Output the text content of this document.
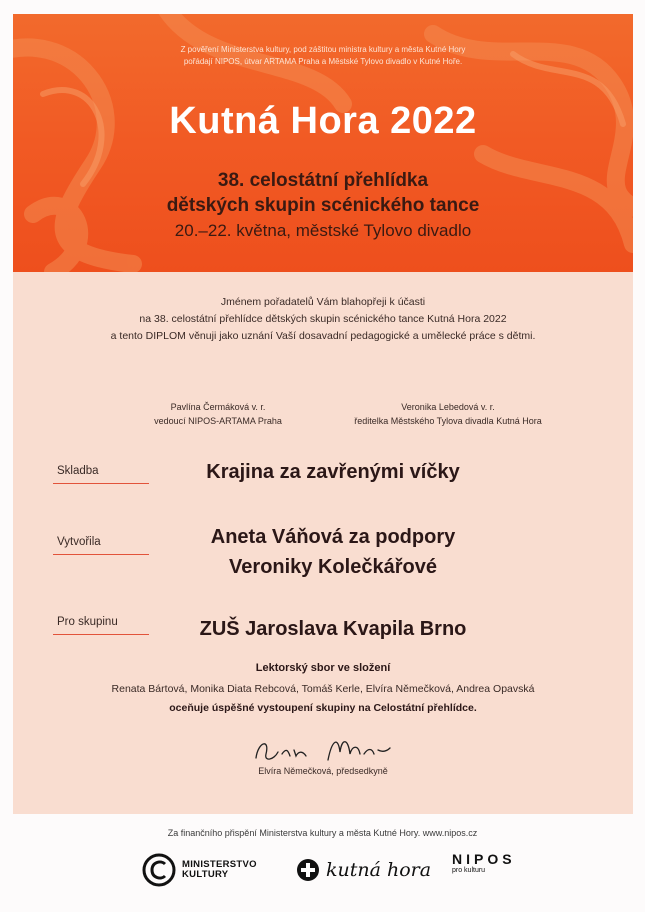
Z pověření Ministerstva kultury, pod záštitou ministra kultury a města Kutné Hory
pořádají NIPOS, útvar ARTAMA Praha a Městské Tylovo divadlo v Kutné Hoře.
Kutná Hora 2022
38. celostátní přehlídka
dětských skupin scénického tance
20.–22. května, městské Tylovo divadlo
Jménem pořadatelů Vám blahopřeji k účasti
na 38. celostátní přehlídce dětských skupin scénického tance Kutná Hora 2022
a tento DIPLOM věnuji jako uznání Vaší dosavadní pedagogické a umělecké práce s dětmi.
Pavlína Čermáková v. r.
vedoucí NIPOS-ARTAMA Praha
Veronika Lebedová v. r.
ředitelka Městského Tylova divadla Kutná Hora
Skladba	Krajina za zavřenými víčky
Vytvořila	Aneta Váňová za podpory
Veroniky Kolečkářové
Pro skupinu	ZUŠ Jaroslava Kvapila Brno
Lektorský sbor ve složení
Renata Bártová, Monika Diata Rebcová, Tomáš Kerle, Elvíra Němečková, Andrea Opavská
oceňuje úspěšné vystoupení skupiny na Celostátní přehlídce.
Elvíra Němečková, předsedkyně
Za finančního přispění Ministerstva kultury a města Kutné Hory. www.nipos.cz
MINISTERSTVO
KULTURY	kutná hora NIPOS
pro kulturu
